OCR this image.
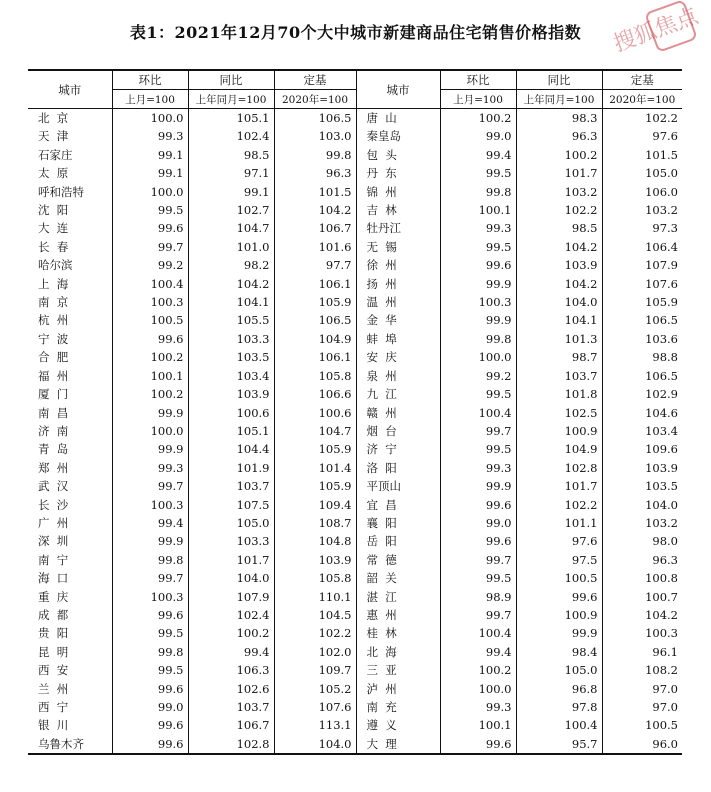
表1：2021年12月70个大中城市新建商品住宅销售价格指数
城市	环比	同比	定基	城市	环比	同比	定基
	上月=100	上年同月=100	2020年=100		上月=100	上年同月=100	2020年=100
北  京	100.0	105.1	106.5	唐  山	100.2	98.3	102.2
天  津	99.3	102.4	103.0	秦皇岛	99.0	96.3	97.6
石家庄	99.1	98.5	99.8	包  头	99.4	100.2	101.5
太  原	99.1	97.1	96.3	丹  东	99.5	101.7	105.0
呼和浩特	100.0	99.1	101.5	锦  州	99.8	103.2	106.0
沈  阳	99.5	102.7	104.2	吉  林	100.1	102.2	103.2
大  连	99.6	104.7	106.7	牡丹江	99.3	98.5	97.3
长  春	99.7	101.0	101.6	无  锡	99.5	104.2	106.4
哈尔滨	99.2	98.2	97.7	徐  州	99.6	103.9	107.9
上  海	100.4	104.2	106.1	扬  州	99.9	104.2	107.6
南  京	100.3	104.1	105.9	温  州	100.3	104.0	105.9
杭  州	100.5	105.5	106.5	金  华	99.9	104.1	106.5
宁  波	99.6	103.3	104.9	蚌  埠	99.8	101.3	103.6
合  肥	100.2	103.5	106.1	安  庆	100.0	98.7	98.8
福  州	100.1	103.4	105.8	泉  州	99.2	103.7	106.5
厦  门	100.2	103.9	106.6	九  江	99.5	101.8	102.9
南  昌	99.9	100.6	100.6	赣  州	100.4	102.5	104.6
济  南	100.0	105.1	104.7	烟  台	99.7	100.9	103.4
青  岛	99.9	104.4	105.9	济  宁	99.5	104.9	109.6
郑  州	99.3	101.9	101.4	洛  阳	99.3	102.8	103.9
武  汉	99.7	103.7	105.9	平顶山	99.9	101.7	103.5
长  沙	100.3	107.5	109.4	宜  昌	99.6	102.2	104.0
广  州	99.4	105.0	108.7	襄  阳	99.0	101.1	103.2
深  圳	99.9	103.3	104.8	岳  阳	99.6	97.6	98.0
南  宁	99.8	101.7	103.9	常  德	99.7	97.5	96.3
海  口	99.7	104.0	105.8	韶  关	99.5	100.5	100.8
重  庆	100.3	107.9	110.1	湛  江	98.9	99.6	100.7
成  都	99.6	102.4	104.5	惠  州	99.7	100.9	104.2
贵  阳	99.5	100.2	102.2	桂  林	100.4	99.9	100.3
昆  明	99.8	99.4	102.0	北  海	99.4	98.4	96.1
西  安	99.5	106.3	109.7	三  亚	100.2	105.0	108.2
兰  州	99.6	102.6	105.2	泸  州	100.0	96.8	97.0
西  宁	99.0	103.7	107.6	南  充	99.3	97.8	97.0
银  川	99.6	106.7	113.1	遵  义	100.1	100.4	100.5
乌鲁木齐	99.6	102.8	104.0	大  理	99.6	95.7	96.0
搜狐焦点
